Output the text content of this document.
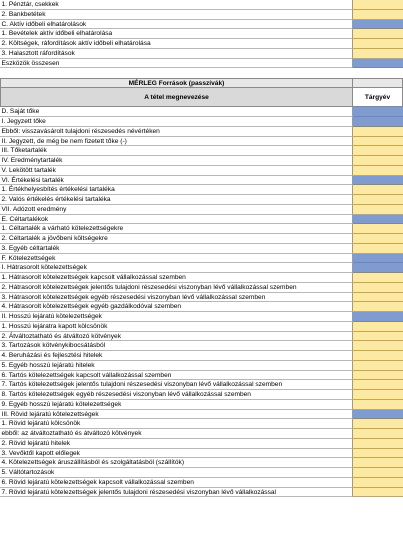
1. Pénztár, csekkek
2. Bankbetétek
C. Aktív időbeli elhatárolások
1. Bevételek aktív időbeli elhatárolása
2. Költségek, ráfordítások aktív időbeli elhatárolása
3. Halasztott ráfordítások
Eszközök összesen
MÉRLEG Források (passzívák)
A tétel megnevezése	Tárgyév
D. Saját tőke
I. Jegyzett tőke
Ebből: visszavásárolt tulajdoni részesedés névértéken
II. Jegyzett, de még be nem fizetett tőke (-)
III. Tőketartalék
IV. Eredménytartalék
V. Lekötött tartalék
VI. Értékelési tartalék
1. Értékhelyesbítés értékelési tartaléka
2. Valós értékelés értékelési tartaléka
VII. Adózott eredmény
E. Céltartalékok
1. Céltartalék a várható kötelezettségekre
2. Céltartalék a jövőbeni költségekre
3. Egyéb céltartalék
F. Kötelezettségek
I. Hátrasorolt kötelezettségek
1. Hátrasorolt kötelezettségek kapcsolt vállalkozással szemben
2. Hátrasorolt kötelezettségek jelentős tulajdoni részesedési viszonyban lévő vállalkozással szemben
3. Hátrasorolt kötelezettségek egyéb részesedési viszonyban lévő vállalkozással szemben
4. Hátrasorolt kötelezettségek egyéb gazdálkodóval szemben
II. Hosszú lejáratú kötelezettségek
1. Hosszú lejáratra kapott kölcsönök
2. Átváltoztatható és átváltozó kötvények
3. Tartozások kötvénykibocsátásból
4. Beruházási és fejlesztési hitelek
5. Egyéb hosszú lejáratú hitelek
6. Tartós kötelezettségek kapcsolt vállalkozással szemben
7. Tartós kötelezettségek jelentős tulajdoni részesedési viszonyban lévő vállalkozással szemben
8. Tartós kötelezettségek egyéb részesedési viszonyban lévő vállalkozással szemben
9. Egyéb hosszú lejáratú kötelezettségek
III. Rövid lejáratú kötelezettségek
1. Rövid lejáratú kölcsönök
ebből: az átváltoztatható és átváltozó kötvények
2. Rövid lejáratú hitelek
3. Vevőktől kapott előlegek
4. Kötelezettségek áruszállításból és szolgáltatásból (szállítók)
5. Váltótartozások
6. Rövid lejáratú kötelezettségek kapcsolt vállalkozással szemben
7. Rövid lejáratú kötelezettségek jelentős tulajdoni részesedési viszonyban lévő vállalkozással
